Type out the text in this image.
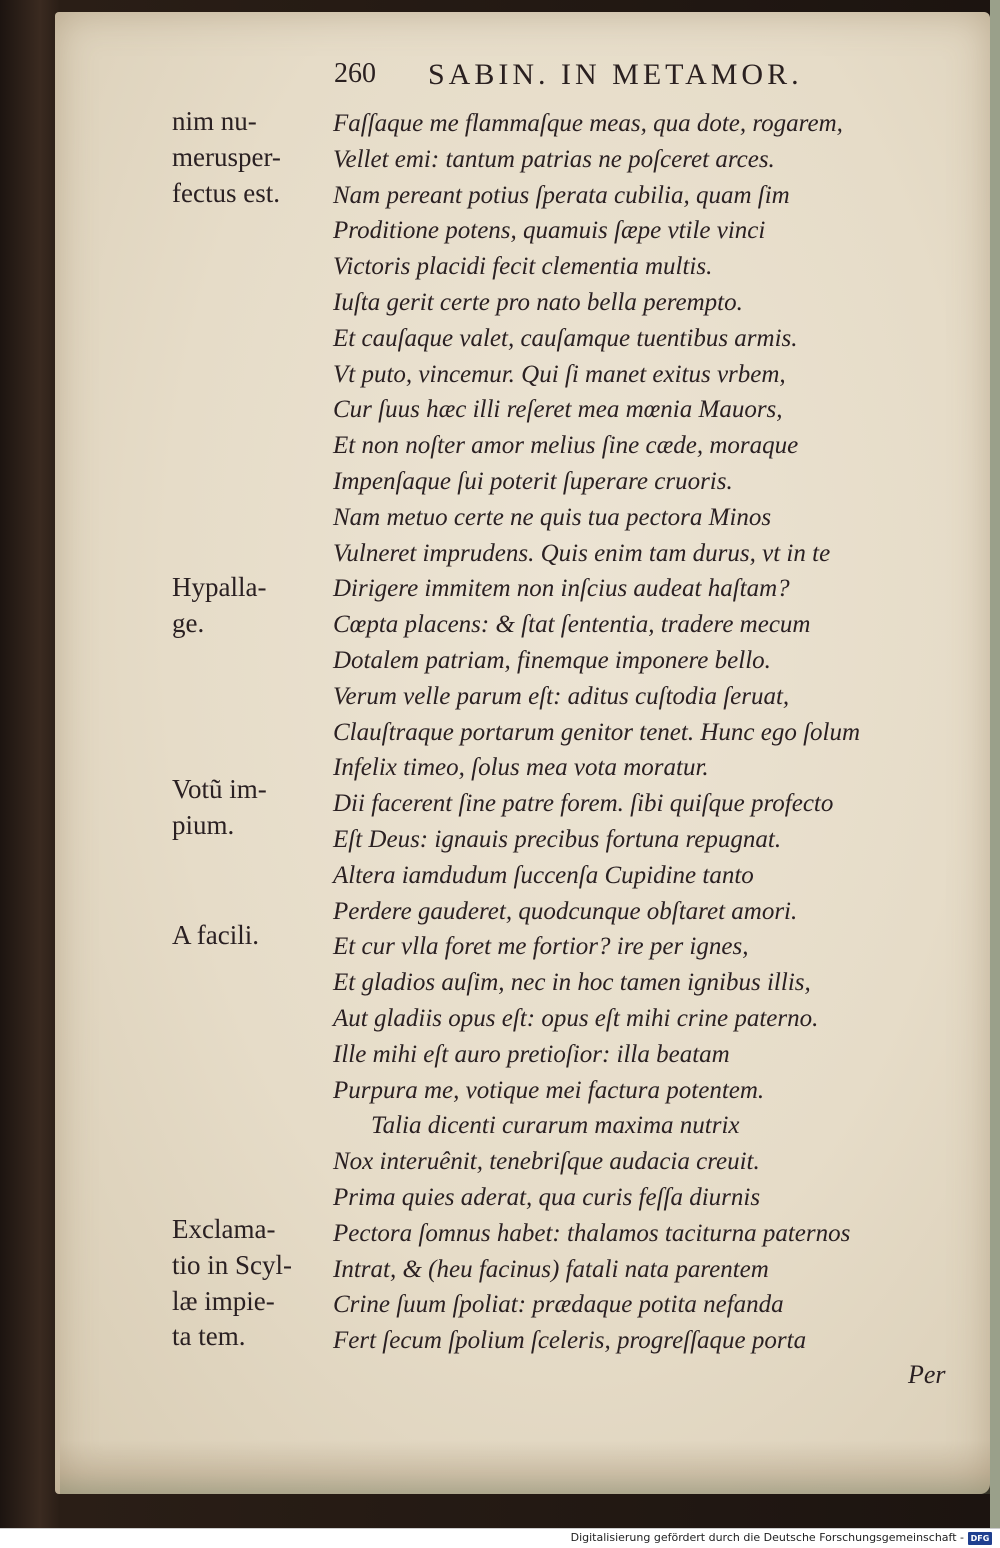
260 SABIN. IN METAMOR.
nim nu-
merusper-
fectus est.
Hypalla-
ge.
Votũ im-
pium.
A facili.
Exclama-
tio in Scyl-
læ impie-
ta tem.
Faſſaque me flammaſque meas, qua dote, rogarem,
Vellet emi: tantum patrias ne poſceret arces.
Nam pereant potius ſperata cubilia, quam ſim
Proditione potens, quamuis ſæpe vtile vinci
Victoris placidi fecit clementia multis.
Iuſta gerit certe pro nato bella perempto.
Et cauſaque valet, cauſamque tuentibus armis.
Vt puto, vincemur. Qui ſi manet exitus vrbem,
Cur ſuus hæc illi reſeret mea mœnia Mauors,
Et non noſter amor melius ſine cæde, moraque
Impenſaque ſui poterit ſuperare cruoris.
Nam metuo certe ne quis tua pectora Minos
Vulneret imprudens. Quis enim tam durus, vt in te
Dirigere immitem non inſcius audeat haſtam?
Cœpta placens: & ſtat ſententia, tradere mecum
Dotalem patriam, finemque imponere bello.
Verum velle parum eſt: aditus cuſtodia ſeruat,
Clauſtraque portarum genitor tenet. Hunc ego ſolum
Infelix timeo, ſolus mea vota moratur.
Dii facerent ſine patre forem. ſibi quiſque profecto
Eſt Deus: ignauis precibus fortuna repugnat.
Altera iamdudum ſuccenſa Cupidine tanto
Perdere gauderet, quodcunque obſtaret amori.
Et cur vlla foret me fortior? ire per ignes,
Et gladios auſim, nec in hoc tamen ignibus illis,
Aut gladiis opus eſt: opus eſt mihi crine paterno.
Ille mihi eſt auro pretioſior: illa beatam
Purpura me, votique mei factura potentem.
Talia dicenti curarum maxima nutrix
Nox interuênit, tenebriſque audacia creuit.
Prima quies aderat, qua curis feſſa diurnis
Pectora ſomnus habet: thalamos taciturna paternos
Intrat, & (heu facinus) fatali nata parentem
Crine ſuum ſpoliat: prædaque potita nefanda
Fert ſecum ſpolium ſceleris, progreſſaque porta
Per
Digitalisierung gefördert durch die Deutsche Forschungsgemeinschaft - DFG
